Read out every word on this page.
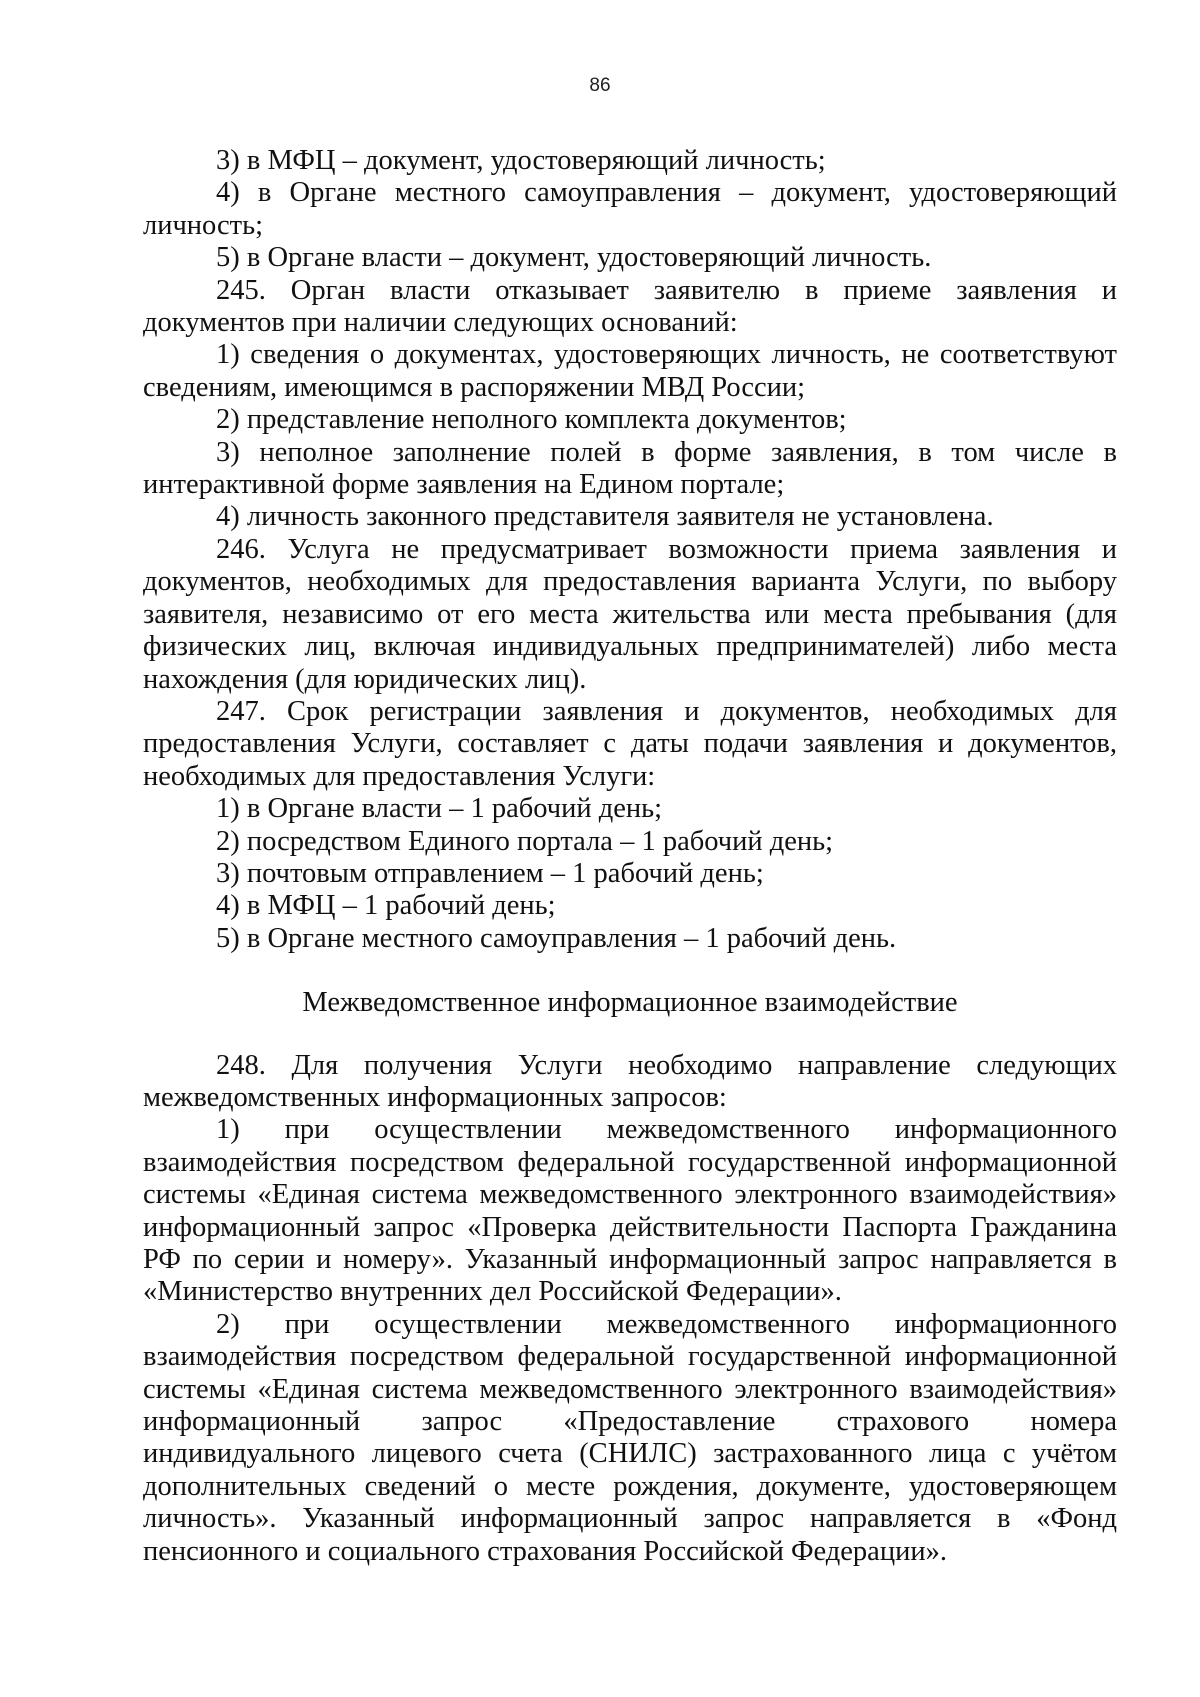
86

3) в МФЦ – документ, удостоверяющий личность;

4) в Органе местного самоуправления – документ, удостоверяющий личность;

5) в Органе власти – документ, удостоверяющий личность.

245. Орган власти отказывает заявителю в приеме заявления и документов при наличии следующих оснований:

1) сведения о документах, удостоверяющих личность, не соответствуют сведениям, имеющимся в распоряжении МВД России;

2) представление неполного комплекта документов;

3) неполное заполнение полей в форме заявления, в том числе в интерактивной форме заявления на Едином портале;

4) личность законного представителя заявителя не установлена.

246. Услуга не предусматривает возможности приема заявления и документов, необходимых для предоставления варианта Услуги, по выбору заявителя, независимо от его места жительства или места пребывания (для физических лиц, включая индивидуальных предпринимателей) либо места нахождения (для юридических лиц).

247. Срок регистрации заявления и документов, необходимых для предоставления Услуги, составляет с даты подачи заявления и документов, необходимых для предоставления Услуги:

1) в Органе власти – 1 рабочий день;

2) посредством Единого портала – 1 рабочий день;

3) почтовым отправлением – 1 рабочий день;

4) в МФЦ – 1 рабочий день;

5) в Органе местного самоуправления – 1 рабочий день.

Межведомственное информационное взаимодействие

248. Для получения Услуги необходимо направление следующих межведомственных информационных запросов:

1) при осуществлении межведомственного информационного взаимодействия посредством федеральной государственной информационной системы «Единая система межведомственного электронного взаимодействия» информационный запрос «Проверка действительности Паспорта Гражданина РФ по серии и номеру». Указанный информационный запрос направляется в «Министерство внутренних дел Российской Федерации».

2) при осуществлении межведомственного информационного взаимодействия посредством федеральной государственной информационной системы «Единая система межведомственного электронного взаимодействия» информационный запрос «Предоставление страхового номера индивидуального лицевого счета (СНИЛС) застрахованного лица с учётом дополнительных сведений о месте рождения, документе, удостоверяющем личность». Указанный информационный запрос направляется в «Фонд пенсионного и социального страхования Российской Федерации».
